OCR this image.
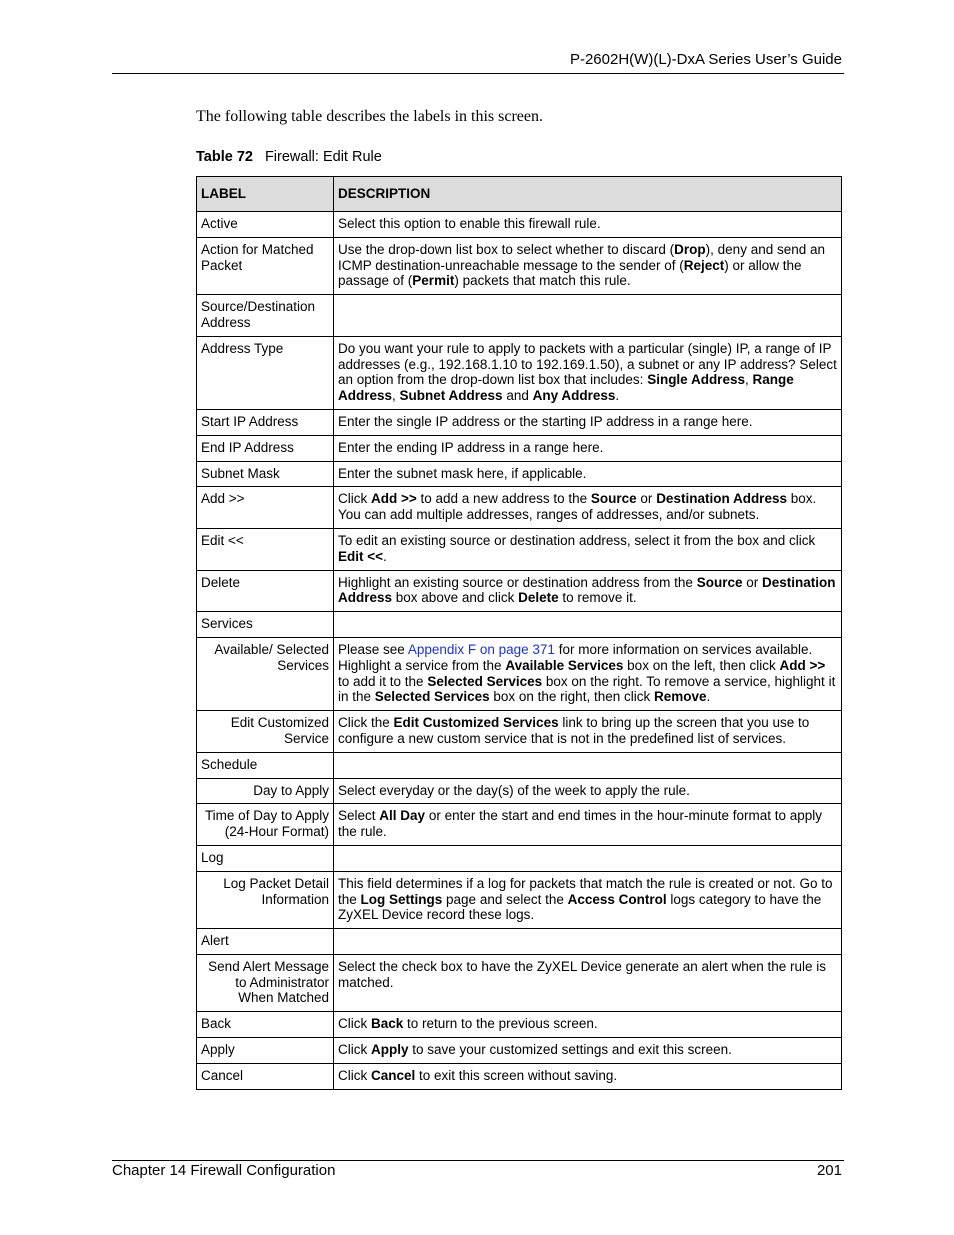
P-2602H(W)(L)-DxA Series User’s Guide
The following table describes the labels in this screen.
Table 72 Firewall: Edit Rule
LABEL	DESCRIPTION
Active	Select this option to enable this firewall rule.
Action for Matched Packet	Use the drop-down list box to select whether to discard (Drop), deny and send an ICMP destination-unreachable message to the sender of (Reject) or allow the passage of (Permit) packets that match this rule.
Source/Destination Address	
Address Type	Do you want your rule to apply to packets with a particular (single) IP, a range of IP addresses (e.g., 192.168.1.10 to 192.169.1.50), a subnet or any IP address? Select an option from the drop-down list box that includes: Single Address, Range Address, Subnet Address and Any Address.
Start IP Address	Enter the single IP address or the starting IP address in a range here.
End IP Address	Enter the ending IP address in a range here.
Subnet Mask	Enter the subnet mask here, if applicable.
Add >>	Click Add >> to add a new address to the Source or Destination Address box. You can add multiple addresses, ranges of addresses, and/or subnets.
Edit <<	To edit an existing source or destination address, select it from the box and click Edit <<.
Delete	Highlight an existing source or destination address from the Source or Destination Address box above and click Delete to remove it.
Services	
Available/ Selected Services	Please see Appendix F on page 371 for more information on services available. Highlight a service from the Available Services box on the left, then click Add >> to add it to the Selected Services box on the right. To remove a service, highlight it in the Selected Services box on the right, then click Remove.
Edit Customized Service	Click the Edit Customized Services link to bring up the screen that you use to configure a new custom service that is not in the predefined list of services.
Schedule	
Day to Apply	Select everyday or the day(s) of the week to apply the rule.
Time of Day to Apply (24-Hour Format)	Select All Day or enter the start and end times in the hour-minute format to apply the rule.
Log	
Log Packet Detail Information	This field determines if a log for packets that match the rule is created or not. Go to the Log Settings page and select the Access Control logs category to have the ZyXEL Device record these logs.
Alert	
Send Alert Message to Administrator When Matched	Select the check box to have the ZyXEL Device generate an alert when the rule is matched.
Back	Click Back to return to the previous screen.
Apply	Click Apply to save your customized settings and exit this screen.
Cancel	Click Cancel to exit this screen without saving.
Chapter 14 Firewall Configuration	201
